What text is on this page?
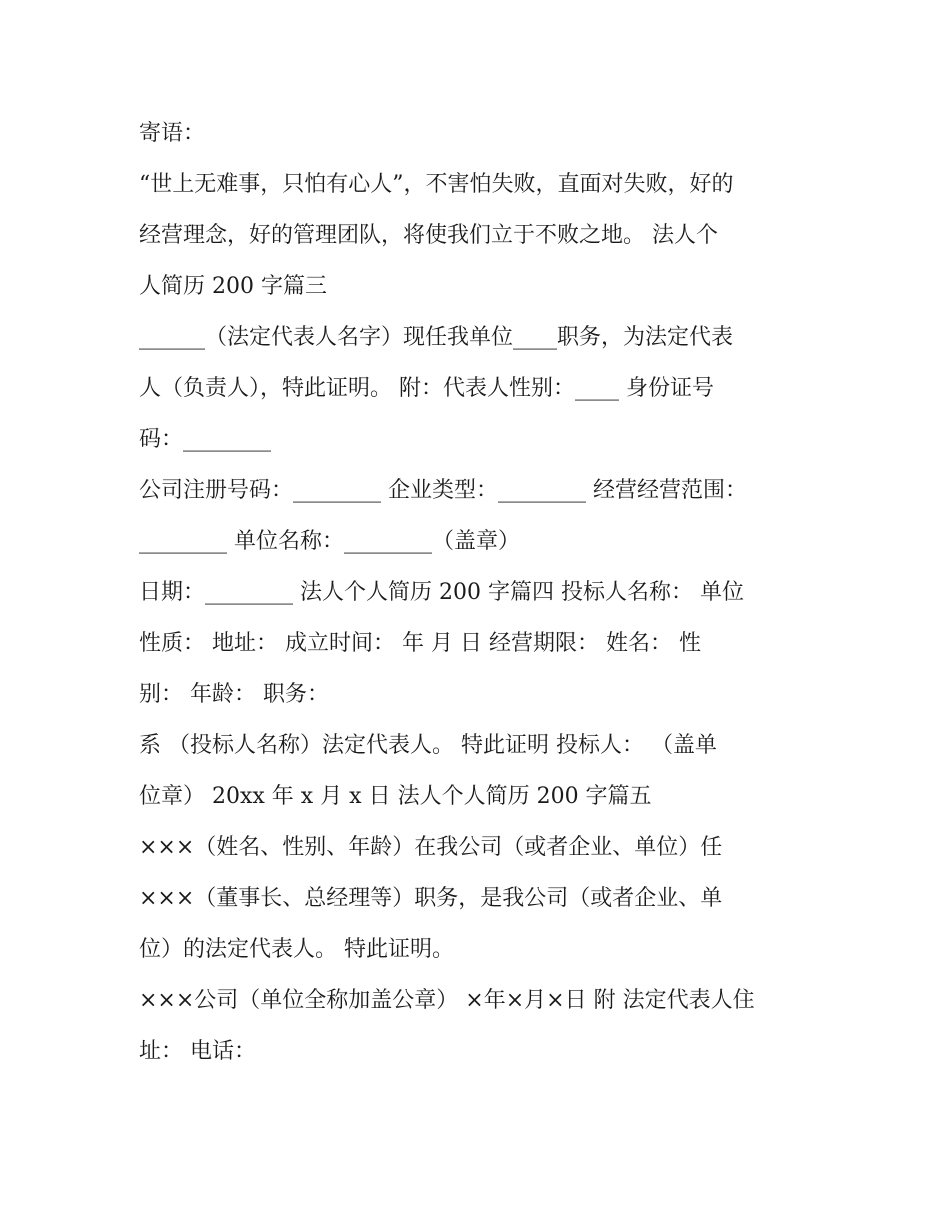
寄语：
“世上无难事，只怕有心人”，不害怕失败，直面对失败，好的
经营理念，好的管理团队，将使我们立于不败之地。 法人个
人简历 200 字篇三
______（法定代表人名字）现任我单位____职务，为法定代表
人（负责人），特此证明。 附：代表人性别：____ 身份证号
码：________
公司注册号码：________ 企业类型：________ 经营经营范围：
________ 单位名称：________（盖章）
日期：________ 法人个人简历 200 字篇四 投标人名称： 单位
性质： 地址： 成立时间： 年 月 日 经营期限： 姓名： 性
别： 年龄： 职务：
系 （投标人名称）法定代表人。 特此证明 投标人： （盖单
位章） 20xx 年 x 月 x 日 法人个人简历 200 字篇五
×××（姓名、性别、年龄）在我公司（或者企业、单位）任
×××（董事长、总经理等）职务，是我公司（或者企业、单
位）的法定代表人。 特此证明。
×××公司（单位全称加盖公章） ×年×月×日 附 法定代表人住
址： 电话：
